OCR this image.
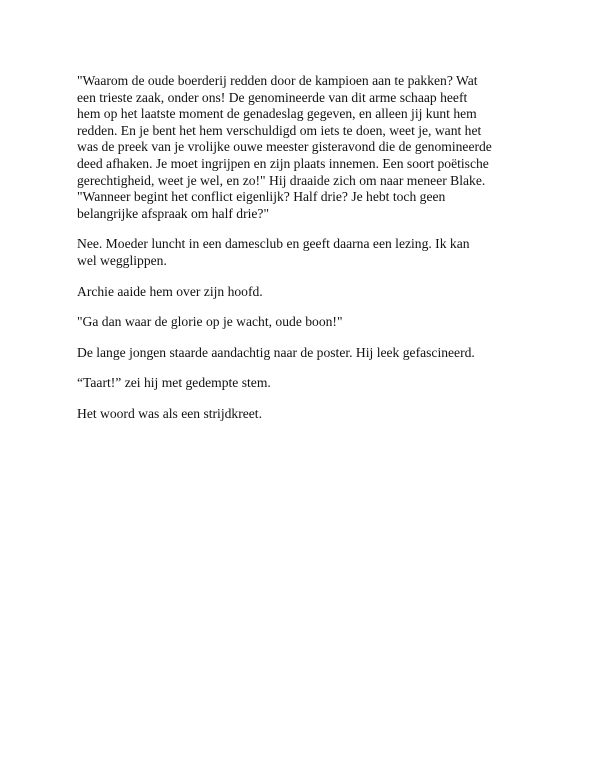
"Waarom de oude boerderij redden door de kampioen aan te pakken? Wat
een trieste zaak, onder ons! De genomineerde van dit arme schaap heeft
hem op het laatste moment de genadeslag gegeven, en alleen jij kunt hem
redden. En je bent het hem verschuldigd om iets te doen, weet je, want het
was de preek van je vrolijke ouwe meester gisteravond die de genomineerde
deed afhaken. Je moet ingrijpen en zijn plaats innemen. Een soort poëtische
gerechtigheid, weet je wel, en zo!" Hij draaide zich om naar meneer Blake.
"Wanneer begint het conflict eigenlijk? Half drie? Je hebt toch geen
belangrijke afspraak om half drie?"

Nee. Moeder luncht in een damesclub en geeft daarna een lezing. Ik kan
wel wegglippen.

Archie aaide hem over zijn hoofd.

"Ga dan waar de glorie op je wacht, oude boon!"

De lange jongen staarde aandachtig naar de poster. Hij leek gefascineerd.

“Taart!” zei hij met gedempte stem.

Het woord was als een strijdkreet.
